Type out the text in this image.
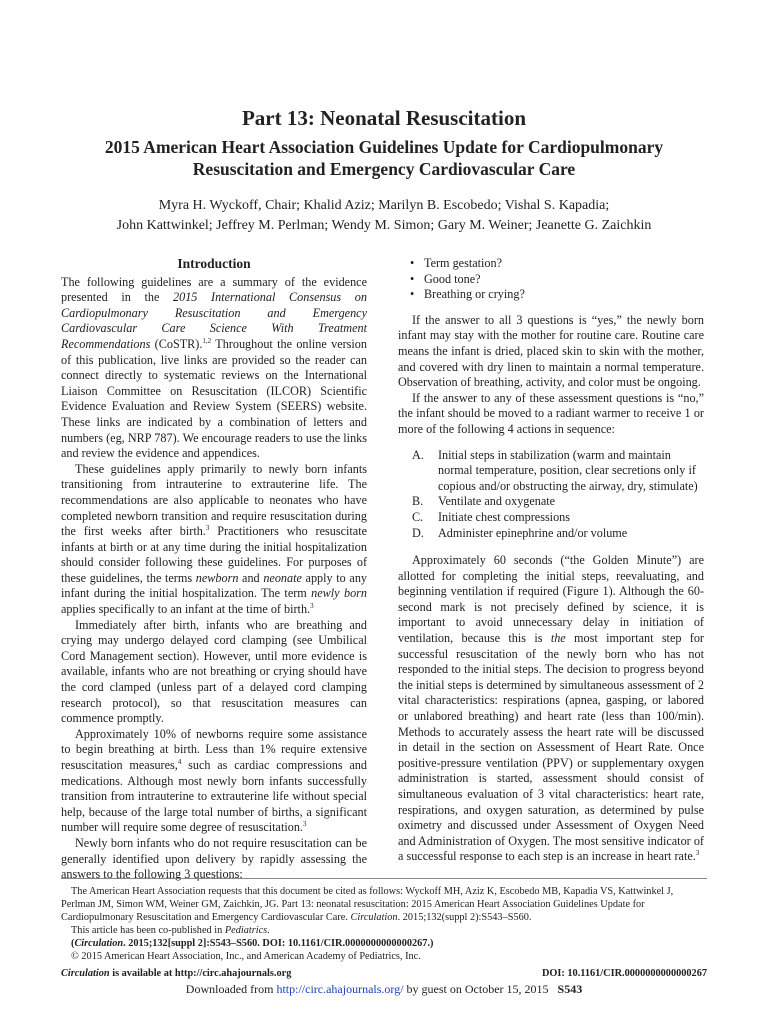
Part 13: Neonatal Resuscitation
2015 American Heart Association Guidelines Update for Cardiopulmonary
Resuscitation and Emergency Cardiovascular Care
Myra H. Wyckoff, Chair; Khalid Aziz; Marilyn B. Escobedo; Vishal S. Kapadia;
John Kattwinkel; Jeffrey M. Perlman; Wendy M. Simon; Gary M. Weiner; Jeanette G. Zaichkin
Introduction

The following guidelines are a summary of the evidence presented in the 2015 International Consensus on Cardiopulmonary Resuscitation and Emergency Cardiovascular Care Science With Treatment Recommendations (CoSTR).$^{1,2}$ Throughout the online version of this publication, live links are provided so the reader can connect directly to systematic reviews on the International Liaison Committee on Resuscitation (ILCOR) Scientific Evidence Evaluation and Review System (SEERS) website. These links are indicated by a combination of letters and numbers (eg, NRP 787). We encourage readers to use the links and review the evidence and appendices.

These guidelines apply primarily to newly born infants transitioning from intrauterine to extrauterine life. The recommendations are also applicable to neonates who have completed newborn transition and require resuscitation during the first weeks after birth.$^3$ Practitioners who resuscitate infants at birth or at any time during the initial hospitalization should consider following these guidelines. For purposes of these guidelines, the terms newborn and neonate apply to any infant during the initial hospitalization. The term newly born applies specifically to an infant at the time of birth.$^3$

Immediately after birth, infants who are breathing and crying may undergo delayed cord clamping (see Umbilical Cord Management section). However, until more evidence is available, infants who are not breathing or crying should have the cord clamped (unless part of a delayed cord clamping research protocol), so that resuscitation measures can commence promptly.

Approximately 10% of newborns require some assistance to begin breathing at birth. Less than 1% require extensive resuscitation measures,$^4$ such as cardiac compressions and medications. Although most newly born infants successfully transition from intrauterine to extrauterine life without special help, because of the large total number of births, a significant number will require some degree of resuscitation.$^3$

Newly born infants who do not require resuscitation can be generally identified upon delivery by rapidly assessing the answers to the following 3 questions:

• Term gestation?
• Good tone?
• Breathing or crying?

If the answer to all 3 questions is “yes,” the newly born infant may stay with the mother for routine care. Routine care means the infant is dried, placed skin to skin with the mother, and covered with dry linen to maintain a normal temperature. Observation of breathing, activity, and color must be ongoing.

If the answer to any of these assessment questions is “no,” the infant should be moved to a radiant warmer to receive 1 or more of the following 4 actions in sequence:

A. Initial steps in stabilization (warm and maintain normal temperature, position, clear secretions only if copious and/or obstructing the airway, dry, stimulate)
B. Ventilate and oxygenate
C. Initiate chest compressions
D. Administer epinephrine and/or volume

Approximately 60 seconds (“the Golden Minute”) are allotted for completing the initial steps, reevaluating, and beginning ventilation if required (Figure 1). Although the 60-second mark is not precisely defined by science, it is important to avoid unnecessary delay in initiation of ventilation, because this is the most important step for successful resuscitation of the newly born who has not responded to the initial steps. The decision to progress beyond the initial steps is determined by simultaneous assessment of 2 vital characteristics: respirations (apnea, gasping, or labored or unlabored breathing) and heart rate (less than 100/min). Methods to accurately assess the heart rate will be discussed in detail in the section on Assessment of Heart Rate. Once positive-pressure ventilation (PPV) or supplementary oxygen administration is started, assessment should consist of simultaneous evaluation of 3 vital characteristics: heart rate, respirations, and oxygen saturation, as determined by pulse oximetry and discussed under Assessment of Oxygen Need and Administration of Oxygen. The most sensitive indicator of a successful response to each step is an increase in heart rate.$^3$

The American Heart Association requests that this document be cited as follows: Wyckoff MH, Aziz K, Escobedo MB, Kapadia VS, Kattwinkel J, Perlman JM, Simon WM, Weiner GM, Zaichkin, JG. Part 13: neonatal resuscitation: 2015 American Heart Association Guidelines Update for Cardiopulmonary Resuscitation and Emergency Cardiovascular Care. Circulation. 2015;132(suppl 2):S543–S560.

This article has been co-published in Pediatrics.

(Circulation. 2015;132[suppl 2]:S543–S560. DOI: 10.1161/CIR.0000000000000267.)

© 2015 American Heart Association, Inc., and American Academy of Pediatrics, Inc.

Circulation is available at http://circ.ahajournals.org	DOI: 10.1161/CIR.0000000000000267
Downloaded from http://circ.ahajournals.org/ by guest on October 15, 2015 S543
